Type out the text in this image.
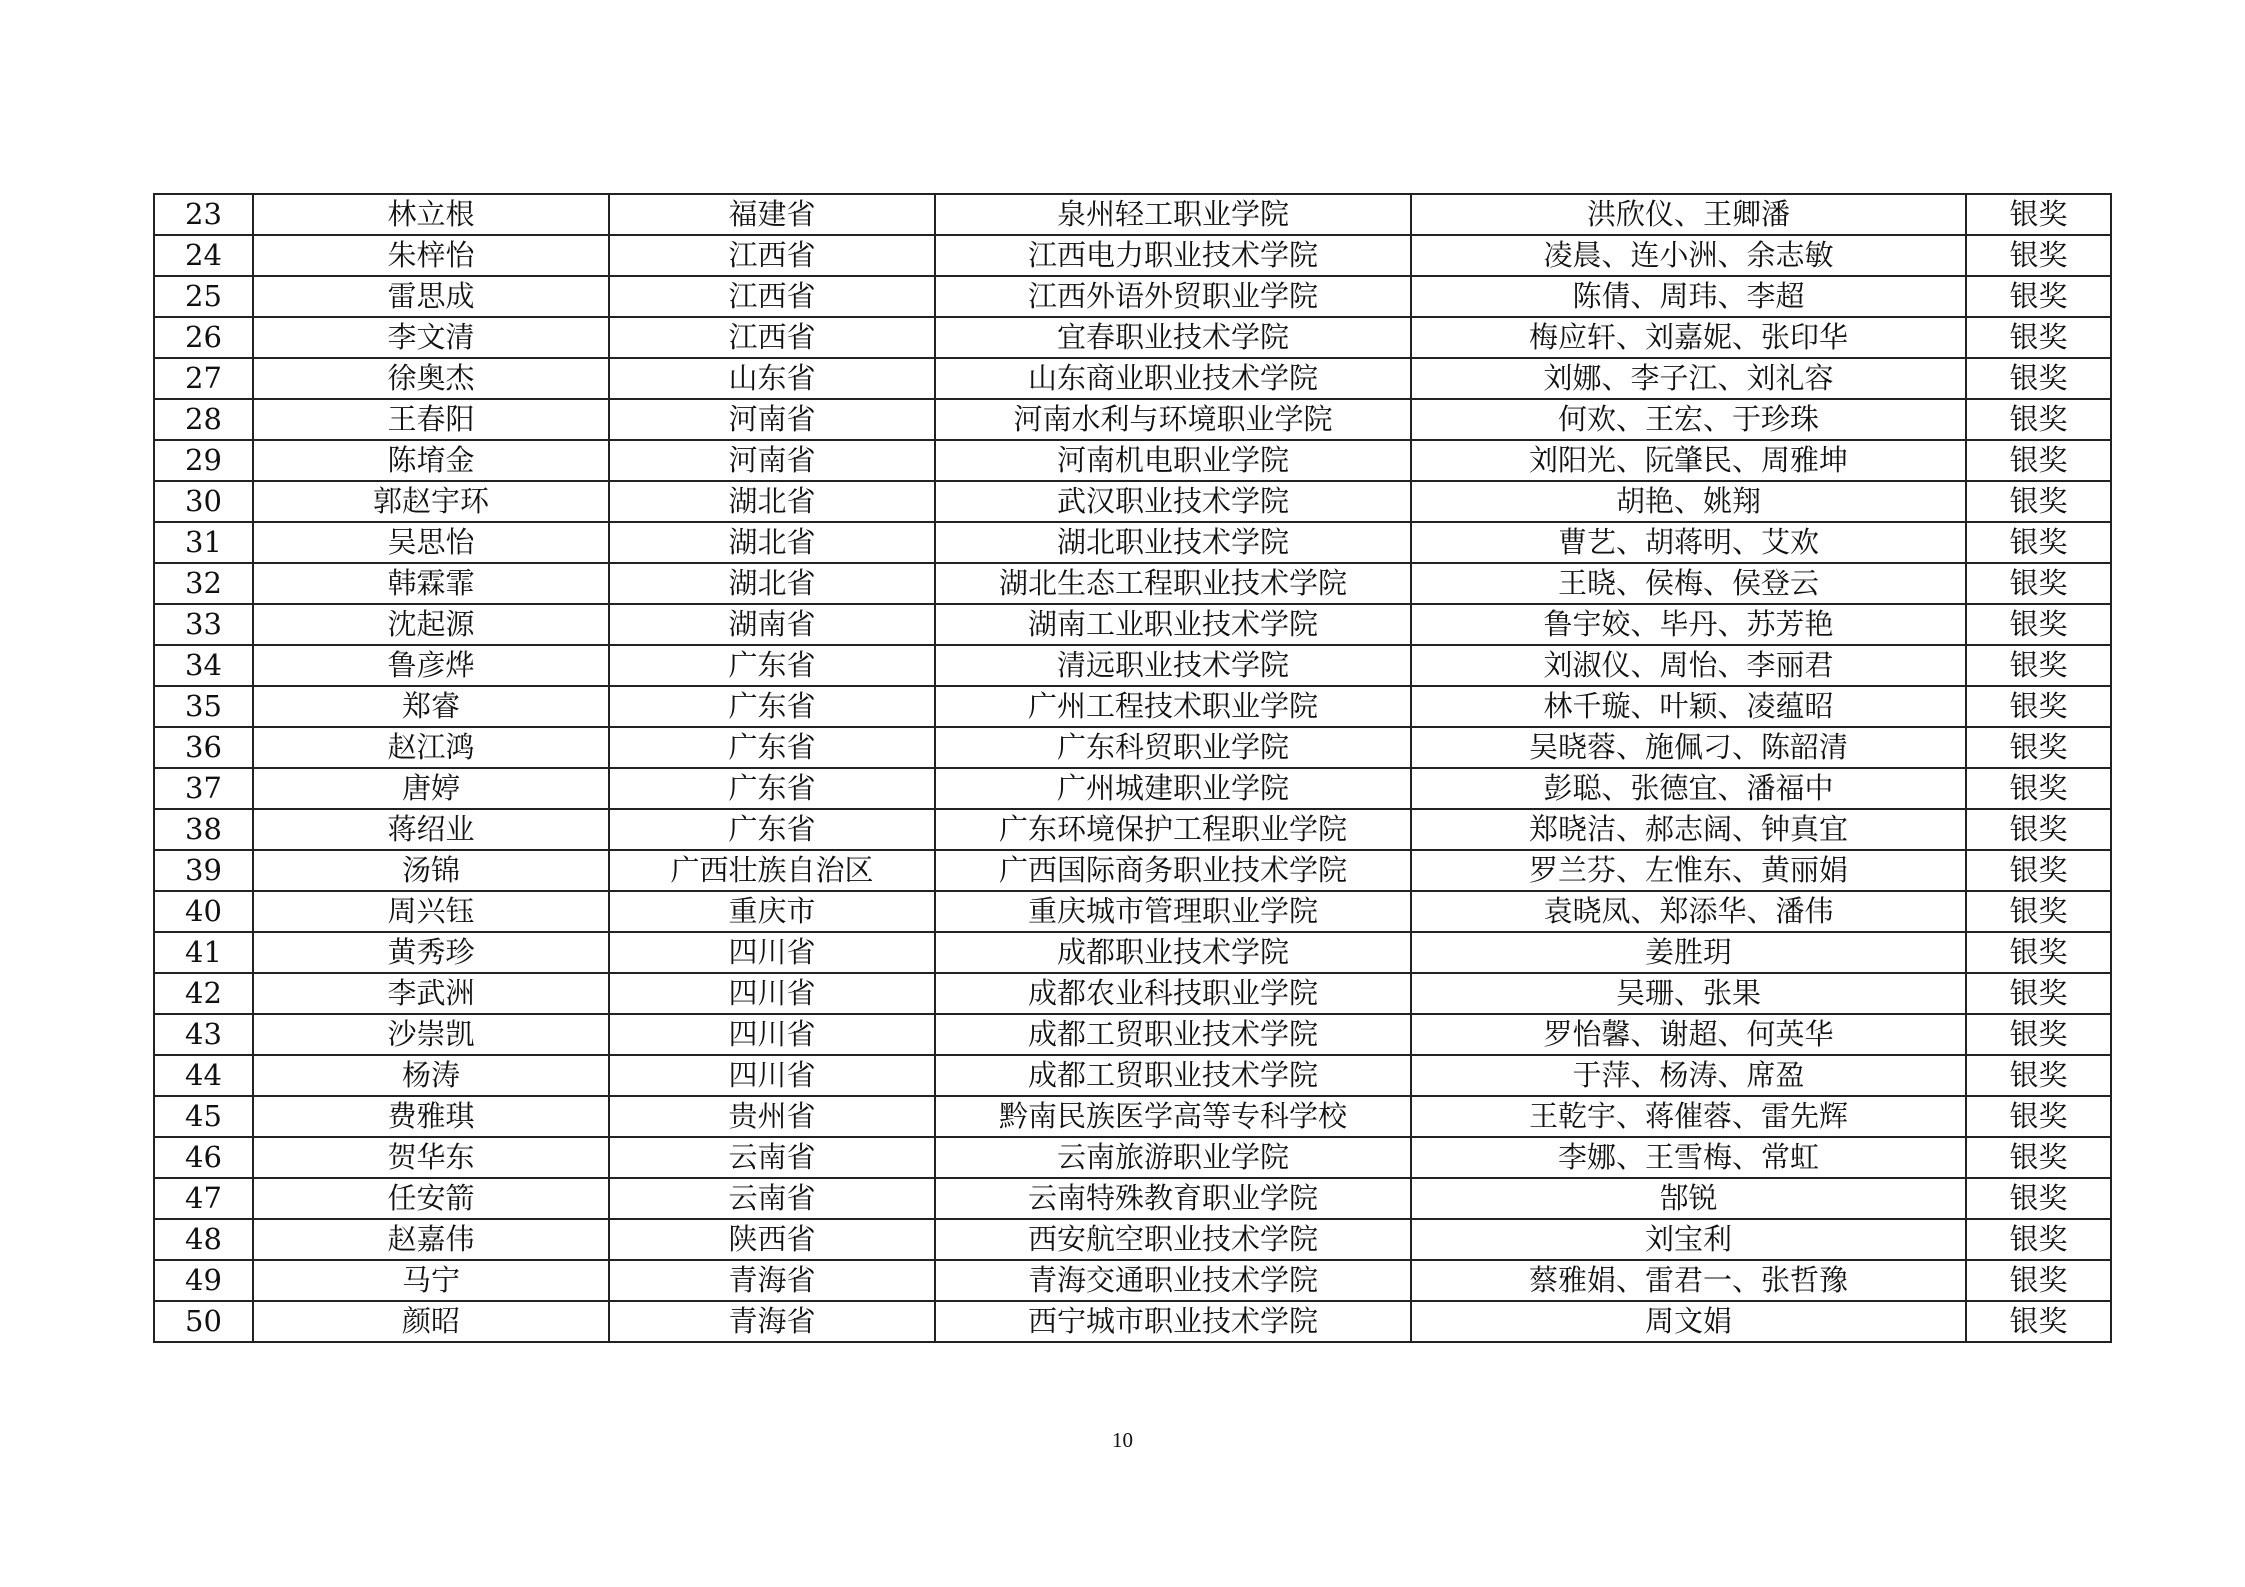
23	林立根	福建省	泉州轻工职业学院	洪欣仪、王卿潘	银奖
24	朱梓怡	江西省	江西电力职业技术学院	凌晨、连小洲、余志敏	银奖
25	雷思成	江西省	江西外语外贸职业学院	陈倩、周玮、李超	银奖
26	李文清	江西省	宜春职业技术学院	梅应轩、刘嘉妮、张印华	银奖
27	徐奥杰	山东省	山东商业职业技术学院	刘娜、李子江、刘礼容	银奖
28	王春阳	河南省	河南水利与环境职业学院	何欢、王宏、于珍珠	银奖
29	陈堉金	河南省	河南机电职业学院	刘阳光、阮肇民、周雅坤	银奖
30	郭赵宇环	湖北省	武汉职业技术学院	胡艳、姚翔	银奖
31	吴思怡	湖北省	湖北职业技术学院	曹艺、胡蒋明、艾欢	银奖
32	韩霖霏	湖北省	湖北生态工程职业技术学院	王晓、侯梅、侯登云	银奖
33	沈起源	湖南省	湖南工业职业技术学院	鲁宇姣、毕丹、苏芳艳	银奖
34	鲁彦烨	广东省	清远职业技术学院	刘淑仪、周怡、李丽君	银奖
35	郑睿	广东省	广州工程技术职业学院	林千璇、叶颖、凌蕴昭	银奖
36	赵江鸿	广东省	广东科贸职业学院	吴晓蓉、施佩刁、陈韶清	银奖
37	唐婷	广东省	广州城建职业学院	彭聪、张德宜、潘福中	银奖
38	蒋绍业	广东省	广东环境保护工程职业学院	郑晓洁、郝志阔、钟真宜	银奖
39	汤锦	广西壮族自治区	广西国际商务职业技术学院	罗兰芬、左惟东、黄丽娟	银奖
40	周兴钰	重庆市	重庆城市管理职业学院	袁晓凤、郑添华、潘伟	银奖
41	黄秀珍	四川省	成都职业技术学院	姜胜玥	银奖
42	李武洲	四川省	成都农业科技职业学院	吴珊、张果	银奖
43	沙崇凯	四川省	成都工贸职业技术学院	罗怡馨、谢超、何英华	银奖
44	杨涛	四川省	成都工贸职业技术学院	于萍、杨涛、席盈	银奖
45	费雅琪	贵州省	黔南民族医学高等专科学校	王乾宇、蒋催蓉、雷先辉	银奖
46	贺华东	云南省	云南旅游职业学院	李娜、王雪梅、常虹	银奖
47	任安箭	云南省	云南特殊教育职业学院	郜锐	银奖
48	赵嘉伟	陕西省	西安航空职业技术学院	刘宝利	银奖
49	马宁	青海省	青海交通职业技术学院	蔡雅娟、雷君一、张哲豫	银奖
50	颜昭	青海省	西宁城市职业技术学院	周文娟	银奖
10
